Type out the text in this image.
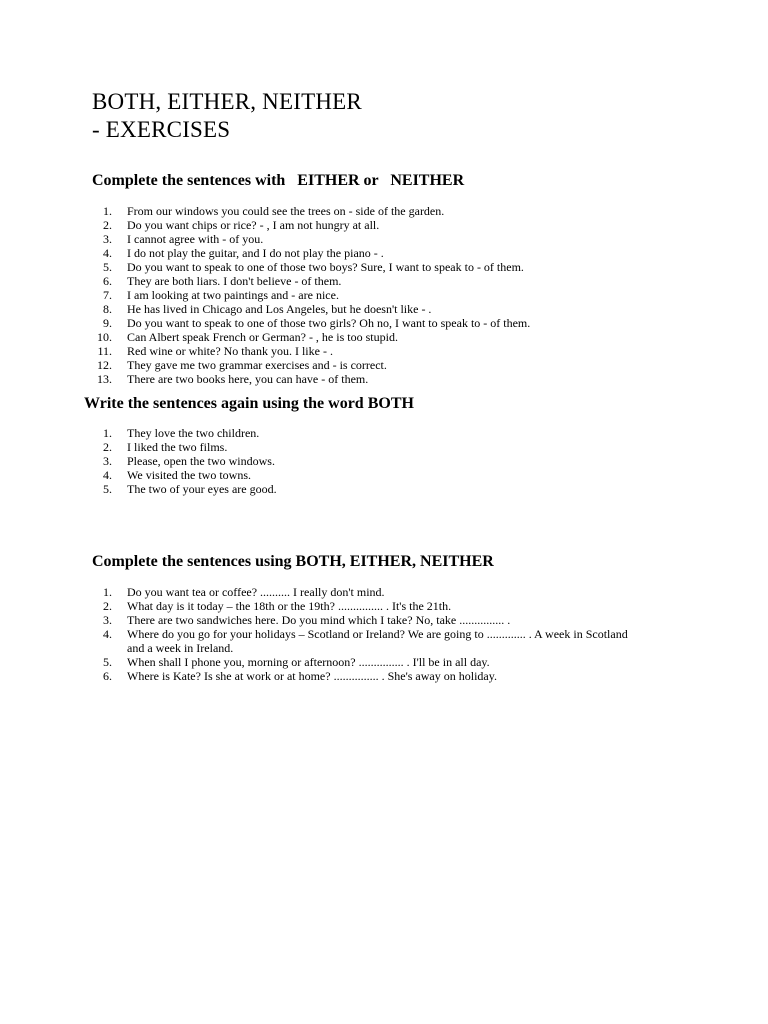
BOTH, EITHER, NEITHER
- EXERCISES
Complete the sentences with   EITHER or   NEITHER
1. From our windows you could see the trees on - side of the garden.
2. Do you want chips or rice? - , I am not hungry at all.
3. I cannot agree with - of you.
4. I do not play the guitar, and I do not play the piano - .
5. Do you want to speak to one of those two boys? Sure, I want to speak to - of them.
6. They are both liars. I don't believe - of them.
7. I am looking at two paintings and - are nice.
8. He has lived in Chicago and Los Angeles, but he doesn't like - .
9. Do you want to speak to one of those two girls? Oh no, I want to speak to - of them.
10. Can Albert speak French or German? - , he is too stupid.
11. Red wine or white? No thank you. I like - .
12. They gave me two grammar exercises and - is correct.
13. There are two books here, you can have - of them.
Write the sentences again using the word BOTH
1. They love the two children.
2. I liked the two films.
3. Please, open the two windows.
4. We visited the two towns.
5. The two of your eyes are good.
Complete the sentences using BOTH, EITHER, NEITHER
1. Do you want tea or coffee? .......... I really don't mind.
2. What day is it today – the 18th or the 19th? ............... . It's the 21th.
3. There are two sandwiches here. Do you mind which I take? No, take ............... .
4. Where do you go for your holidays – Scotland or Ireland? We are going to ............. . A week in Scotland and a week in Ireland.
5. When shall I phone you, morning or afternoon? ............... . I'll be in all day.
6. Where is Kate? Is she at work or at home? ............... . She's away on holiday.
